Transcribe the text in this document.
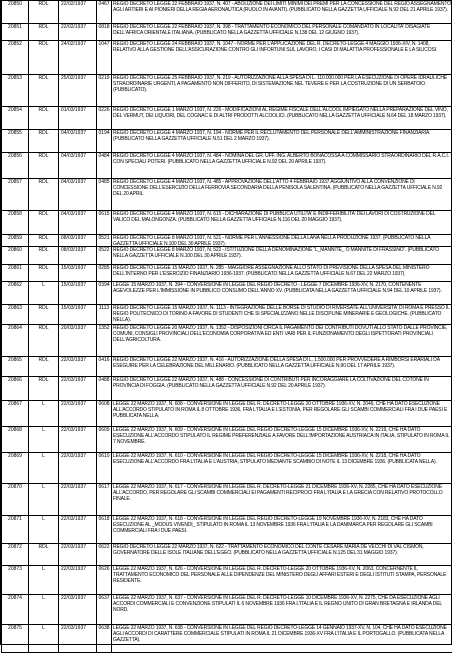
20850	RDL	22/02/1937	0467	REGIO DECRETO LEGGE 22 FEBBRAIO 1937, N. 407 - ABOLIZIONE DEI LIMITI MINIMI DEI PREMI PER LA CONCESSIONE DEL REGIO ASSEGNAMENTO AGLI ARTIERI E AI PIONIERI DELLA REGIA AERONAUTICA (RUOLO IN AVANTI). (PUBBLICATO NELLA GAZZETTA UFFICIALE N.92 DEL 21 APRILE 1937).

20851	RDL	22/02/1937	0818	REGIO DECRETO LEGGE 22 FEBBRAIO 1937, N. 398 - TRATTAMENTO ECONOMICO DEL PERSONALE COMANDATO IN LOCALITA' DISAGIATE DELL'AFRICA ORIENTALE ITALIANA. (PUBBLICATO NELLA GAZZETTA UFFICIALE N.138 DEL 12 GIUGNO 1937).

20852	RDL	24/02/1937	1047	REGIO DECRETO LEGGE 24 FEBBRAIO 1937, N. 1047 - NORME PER L'APPLICAZIONE DEL R. DECRETO-LEGGE 4 MAGGIO 1936-XIV, N. 1408, RELATIVO ALLA GESTIONE DELL'ASSICURAZIONE CONTRO GLI INFORTUNI SUL LAVORO, I CASI DI MALATTIA PROFESSIONALE E LA SILICOSI.

20853	RDL	25/02/1937	0219	REGIO DECRETO LEGGE 25 FEBBRAIO 1937, N. 219 - AUTORIZZAZIONE ALLA SPESA DI L. 110.000.000 PER LA ESECUZIONE DI OPERE IDRAULICHE STRAORDINARIE URGENTI, A PAGAMENTO NON DIFFERITO, DI SISTEMAZIONE NEL TEVERE E PER LA COSTRUZIONE DI UN SERBATOIO. (PUBBLICATO).

20854	RDL	01/03/1937	0226	REGIO DECRETO LEGGE 1 MARZO 1937, N. 226 - MODIFICAZIONI AL REGIME FISCALE DELL'ALCOOL IMPIEGATO NELLA PREPARAZIONE DEL VINO, DEL VERMUT, DEI LIQUORI, DEL COGNAC E DI ALTRI PRODOTTI ALCOOLICI. (PUBBLICATO NELLA GAZZETTA UFFICIALE N.64 DEL 18 MARZO 1937).

20855	RDL	04/03/1937	0194	REGIO DECRETO LEGGE 4 MARZO 1937, N. 194 - NORME PER IL RECLUTAMENTO DEL PERSONALE DELL'AMMINISTRAZIONE FINANZIARIA. (PUBBLICATO NELLA GAZZETTA UFFICIALE N.51 DEL 2 MARZO 1937).

20856	RDL	04/03/1937	0484	REGIO DECRETO LEGGE 4 MARZO 1937, N. 484 - NOMINA DEL GR. UFF. ING. ALBERTO BONACOSSA A COMMISSARIO STRAORDINARIO DEL R.A.C.I. CON SPECIALI POTERI. (PUBBLICATO NELLA GAZZETTA UFFICIALE N.92 DEL 20 APRILE 1937).

20857	RDL	04/03/1937	0485	REGIO DECRETO LEGGE 4 MARZO 1937, N. 485 - APPROVAZIONE DELL'ATTO 4 FEBBRAIO 1937 AGGIUNTIVO ALLA CONVENZIONE DI CONCESSIONE DELL'ESERCIZIO DELLA FERROVIA SECONDARIA DELLA PENISOLA SALENTINA. (PUBBLICATO NELLA GAZZETTA UFFICIALE N.92 DEL 20 APRIL

20858	RDL	04/03/1937	0615	REGIO DECRETO LEGGE 4 MARZO 1937, N. 615 - DICHIARAZIONE DI PUBBLICA UTILITA' E INDIFFERIBILITA' DEI LAVORI DI COSTRUZIONE DEL VALICO DEL MALONGONZA. (PUBBLICATO NELLA GAZZETTA UFFICIALE N.116 DEL 20 MAGGIO 1937).

20859	RDL	08/03/1937	0521	REGIO DECRETO LEGGE 8 MARZO 1937, N. 521 - NORME PER L'ANNESSIONE DELLA LANA NELLA PRODUZIONE 1937. (PUBBLICATO NELLA GAZZETTA UFFICIALE N.100 DEL 30 APRILE 1937).

20860	RDL	08/03/1937	0522	REGIO DECRETO LEGGE 8 MARZO 1937, N. 522 - ISTITUZIONE DELLA DENOMINAZIONE "L_MANNITE_ O MANNITE DI FRASSINO". (PUBBLICATO NELLA GAZZETTA UFFICIALE N.100 DEL 30 APRILE 1937).

20861	RDL	15/03/1937	0285	REGIO DECRETO LEGGE 15 MARZO 1937, N. 285 - MAGGIORE ASSEGNAZIONE ALLO STATO DI PREVISIONE DELLA SPESA DEL MINISTERO DELL'INTERNO PER L'ESERCIZIO FINANZIARIO 1936-1937. (PUBBLICATO NELLA GAZZETTA UFFICIALE N.67 DEL 22 MARZO 1937).

20862	L	15/03/1937	0394	LEGGE 15 MARZO 1937, N. 394 - CONVERSIONE IN LEGGE DEL REGIO DECRETO - LEGGE 7 DICEMBRE 1936-XV, N. 2170, CONTENENTE AGEVOLEZZE PER L'IMMISSIONE IN PUBBLICO CONSUMO DELL'ANNO XV. (PUBBLICATA NELLA GAZZETTA UFFICIALE N.94 DEL 10 APRILE 1937).

20863	RDL	15/03/1937	1113	REGIO DECRETO LEGGE 15 MARZO 1937, N. 1113 - INTEGRAZIONE DELLE BORSE DI STUDIO DI RIVERSATE ALL'UNIVERSITA' DI ROMA E PRESSO IL REGIO POLITECNICO DI TORINO A FAVORE DI STUDENTI CHE SI SPECIALIZZANO NELLE DISCIPLINE MINERARIE E GEOLOGICHE. (PUBBLICATO NELLA).

20864	RDL	20/03/1937	1352	REGIO DECRETO LEGGE 20 MARZO 1937, N. 1352 - DISPOSIZIONI CIRCA IL PAGAMENTO DEI CONTRIBUTI DOVUTI ALLO STATO DALLE PROVINCIE, COMUNI, CONSIGLI PROVINCIALI DELL'ECONOMIA CORPORATIVA ED ENTI VARI PER IL FUNZIONAMENTO DEGLI ISPETTORATI PROVINCIALI DELL'AGRICOLTURA.

20865	RDL	22/03/1937	0416	REGIO DECRETO LEGGE 22 MARZO 1937, N. 416 - AUTORIZZAZIONE DELLA SPESA DI L. 1.500.000 PER PROVVEDERE A RIMBORSI ERARIALI DA ESEGUIRE PER LA CELEBRAZIONE DEL MILLENARIO. (PUBBLICATO NELLA GAZZETTA UFFICIALE N.90 DEL 17 APRILE 1937).

20866	RDL	22/03/1937	0488	REGIO DECRETO LEGGE 22 MARZO 1937, N. 488 - CONCESSIONE DI CONTRIBUTI PER INCORAGGIARE LA COLTIVAZIONE DEL COTONE IN PROVINCIA DI FOGGIA. (PUBBLICATO NELLA GAZZETTA UFFICIALE N.92 DEL 20 APRILE 1937).

20867	L	22/03/1937	0608	LEGGE 22 MARZO 1937, N. 608 - CONVERSIONE IN LEGGE DEL R. DECRETO-LEGGE 20 OTTOBRE 1936-XV, N. 2046, CHE HA DATO ESECUZIONE ALL'ACCORDO STIPULATO IN ROMA IL 8 OTTOBRE 1936, FRA L'ITALIA E L'ESTONIA, PER REGOLARE GLI SCAMBI COMMERCIALI FRA I DUE PAESI E PUBBLICATA NELLA.

20868	L	22/03/1937	0609	LEGGE 22 MARZO 1937, N. 609 - CONVERSIONE IN LEGGE DEL REGIO DECRETO-LEGGE 15 DICEMBRE 1936-XV, N. 2219, CHE HA DATO ESECUZIONE ALL'ACCORDO STIPULATO IL REGIME PREFERENZIALE A FAVORE DELL'IMPORTAZIONE AUSTRIACA IN ITALIA, STIPULATO IN ROMA IL 7 NOVEMBRE.

20869	L	22/03/1937	0610	LEGGE 22 MARZO 1937, N. 610 - CONVERSIONE IN LEGGE DEL REGIO DECRETO-LEGGE 15 DICEMBRE 1936-XV, N. 2218, CHE HA DATO ESECUZIONE ALL'ACCORDO FRA L'ITALIA E L'AUSTRIA, STIPULATO MEDIANTE SCAMBIO DI NOTE IL 13 DICEMBRE 1936. (PUBBLICATA NELLA).

20870	L	22/03/1937	0617	LEGGE 22 MARZO 1937, N. 617 - CONVERSIONE IN LEGGE DEL R. DECRETO-LEGGE 21 DICEMBRE 1936-XV, N. 2285, CHE HA DATO ESECUZIONE ALL'ACCORDO, PER REGOLARE GLI SCAMBI COMMERCIALI EI PAGAMENTI RECIPROCI FRA L'ITALIA E LA GRECIA CON RELATIVO PROTOCOLLO FINALE.

20871	L	22/03/1937	0618	LEGGE 22 MARZO 1937, N. 618 - CONVERSIONE IN LEGGE DEL REGIO DECRETO-LEGGE 19 NOVEMBRE 1936-XV, N. 2183, CHE HA DATO ESECUZIONE AL _MODUS VIVENDI_ STIPULATO IN ROMA IL 13 NOVEMBRE 1936 FRA L'ITALIA E LA DANIMARCA PER REGOLARE GLI SCAMBI COMMERCIALI FRA I DUE PAESI.

20872	RDL	22/03/1937	0622	REGIO DECRETO LEGGE 22 MARZO 1937, N. 622 - TRATTAMENTO ECONOMICO DEL CONTE CESARE MARIA DE VECCHI DI VAL CISMON, GOVERNATORE DELLE ISOLE ITALIANE DELL'EGEO. (PUBBLICATO NELLA GAZZETTA UFFICIALE N.125 DEL 31 MAGGIO 1937).

20873	L	22/03/1937	0626	LEGGE 22 MARZO 1937, N. 626 - CONVERSIONE IN LEGGE DEL R. DECRETO-LEGGE 20 OTTOBRE 1936-XV, N. 2063, CONCERNENTE IL TRATTAMENTO ECONOMICO DEL PERSONALE ALLE DIPENDENZE DEL MINISTERO DEGLI AFFARI ESTERI E DEGLI ISTITUTI STAMPA, PERSONALE RESIDENTE.

20874	L	22/03/1937	0637	LEGGE 22 MARZO 1937, N. 637 - CONVERSIONE IN LEGGE DEL R. DECRETO-LEGGE 10 DICEMBRE 1936-XV, N. 2275, CHE DA ESECUZIONE AGLI ACCORDI COMMERCIALI E CONVENZIONE STIPULATI IL 6 NOVEMBRE 1936 FRA L'ITALIA E IL REGNO UNITO DI GRAN BRETAGNA E IRLANDA DEL NORD.

20875	L	22/03/1937	0638	LEGGE 22 MARZO 1937, N. 638 - CONVERSIONE IN LEGGE DEL REGIO DECRETO-LEGGE 14 GENNAIO 1937-XV, N. 104, CHE HA DATO ESECUZIONE AGLI ACCORDI DI CARATTERE COMMERCIALE STIPULATI IN ROMA IL 21 DICEMBRE 1936-XV FRA L'ITALIA E IL PORTOGALLO. (PUBBLICATA NELLA GAZZETTA).
